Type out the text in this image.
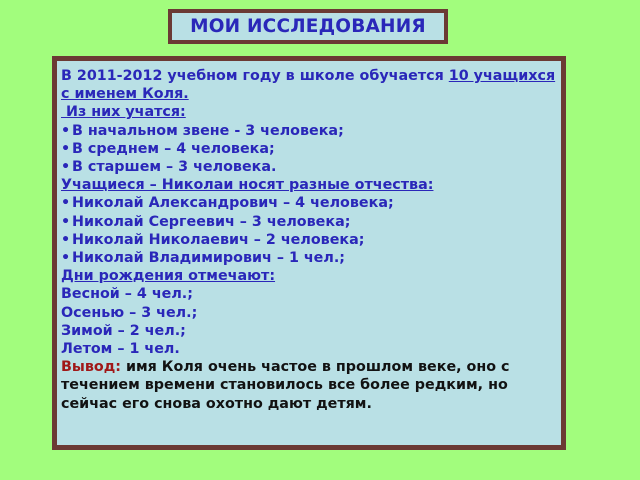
МОИ ИССЛЕДОВАНИЯ
В 2011-2012 учебном году в школе обучается 10 учащихся
с именем Коля.
Из них учатся:
• В начальном звене - 3 человека;
• В среднем – 4 человека;
• В старшем – 3 человека.
Учащиеся – Николаи носят разные отчества:
• Николай Александрович – 4 человека;
• Николай Сергеевич – 3 человека;
• Николай Николаевич – 2 человека;
• Николай Владимирович – 1 чел.;
Дни рождения отмечают:
Весной – 4 чел.;
Осенью – 3 чел.;
Зимой – 2 чел.;
Летом – 1 чел.
Вывод: имя Коля очень частое в прошлом веке, оно с течением времени становилось все более редким, но сейчас его снова охотно дают детям.
